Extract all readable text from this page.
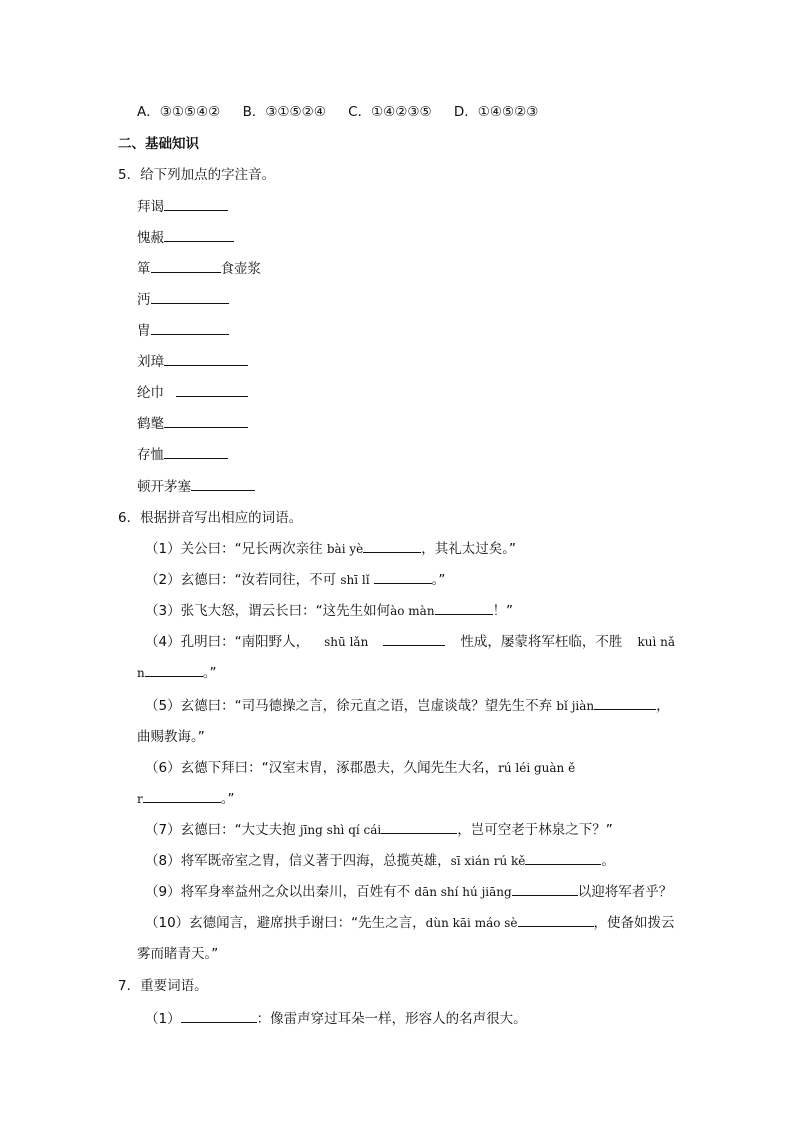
A．③①⑤④② B．③①⑤②④ C．①④②③⑤ D．①④⑤②③
二、基础知识
5．给下列加点的字注音。
拜谒
愧赧
箪	食壶浆
沔
胄
刘璋
纶巾
鹤氅
存恤
顿开茅塞
6．根据拼音写出相应的词语。
（1）关公曰：“兄长两次亲往 bài yè	，其礼太过矣。”
（2）玄德曰：“汝若同往，不可 shī lǐ	。”
（3）张飞大怒，谓云长曰：“这先生如何ào màn	！”
（4）孔明曰：“南阳野人， shū lǎn	性成，屡蒙将军枉临，不胜 kuì nǎ
n	。”
（5）玄德曰：“司马德操之言，徐元直之语，岂虚谈哉？望先生不弃 bǐ jiàn	，
曲赐教诲。”
（6）玄德下拜曰：“汉室末胄，涿郡愚夫，久闻先生大名，rú léi guàn ě
r	。”
（7）玄德曰：“大丈夫抱 jīng shì qí cái	，岂可空老于林泉之下？”
（8）将军既帝室之胄，信义著于四海，总揽英雄，sī xián rú kě	。
（9）将军身率益州之众以出秦川，百姓有不 dān shí hú jiāng	以迎将军者乎？
（10）玄德闻言，避席拱手谢曰：“先生之言，dùn kāi máo sè	，使备如拨云
雾而睹青天。”
7．重要词语。
（1）	：像雷声穿过耳朵一样，形容人的名声很大。
